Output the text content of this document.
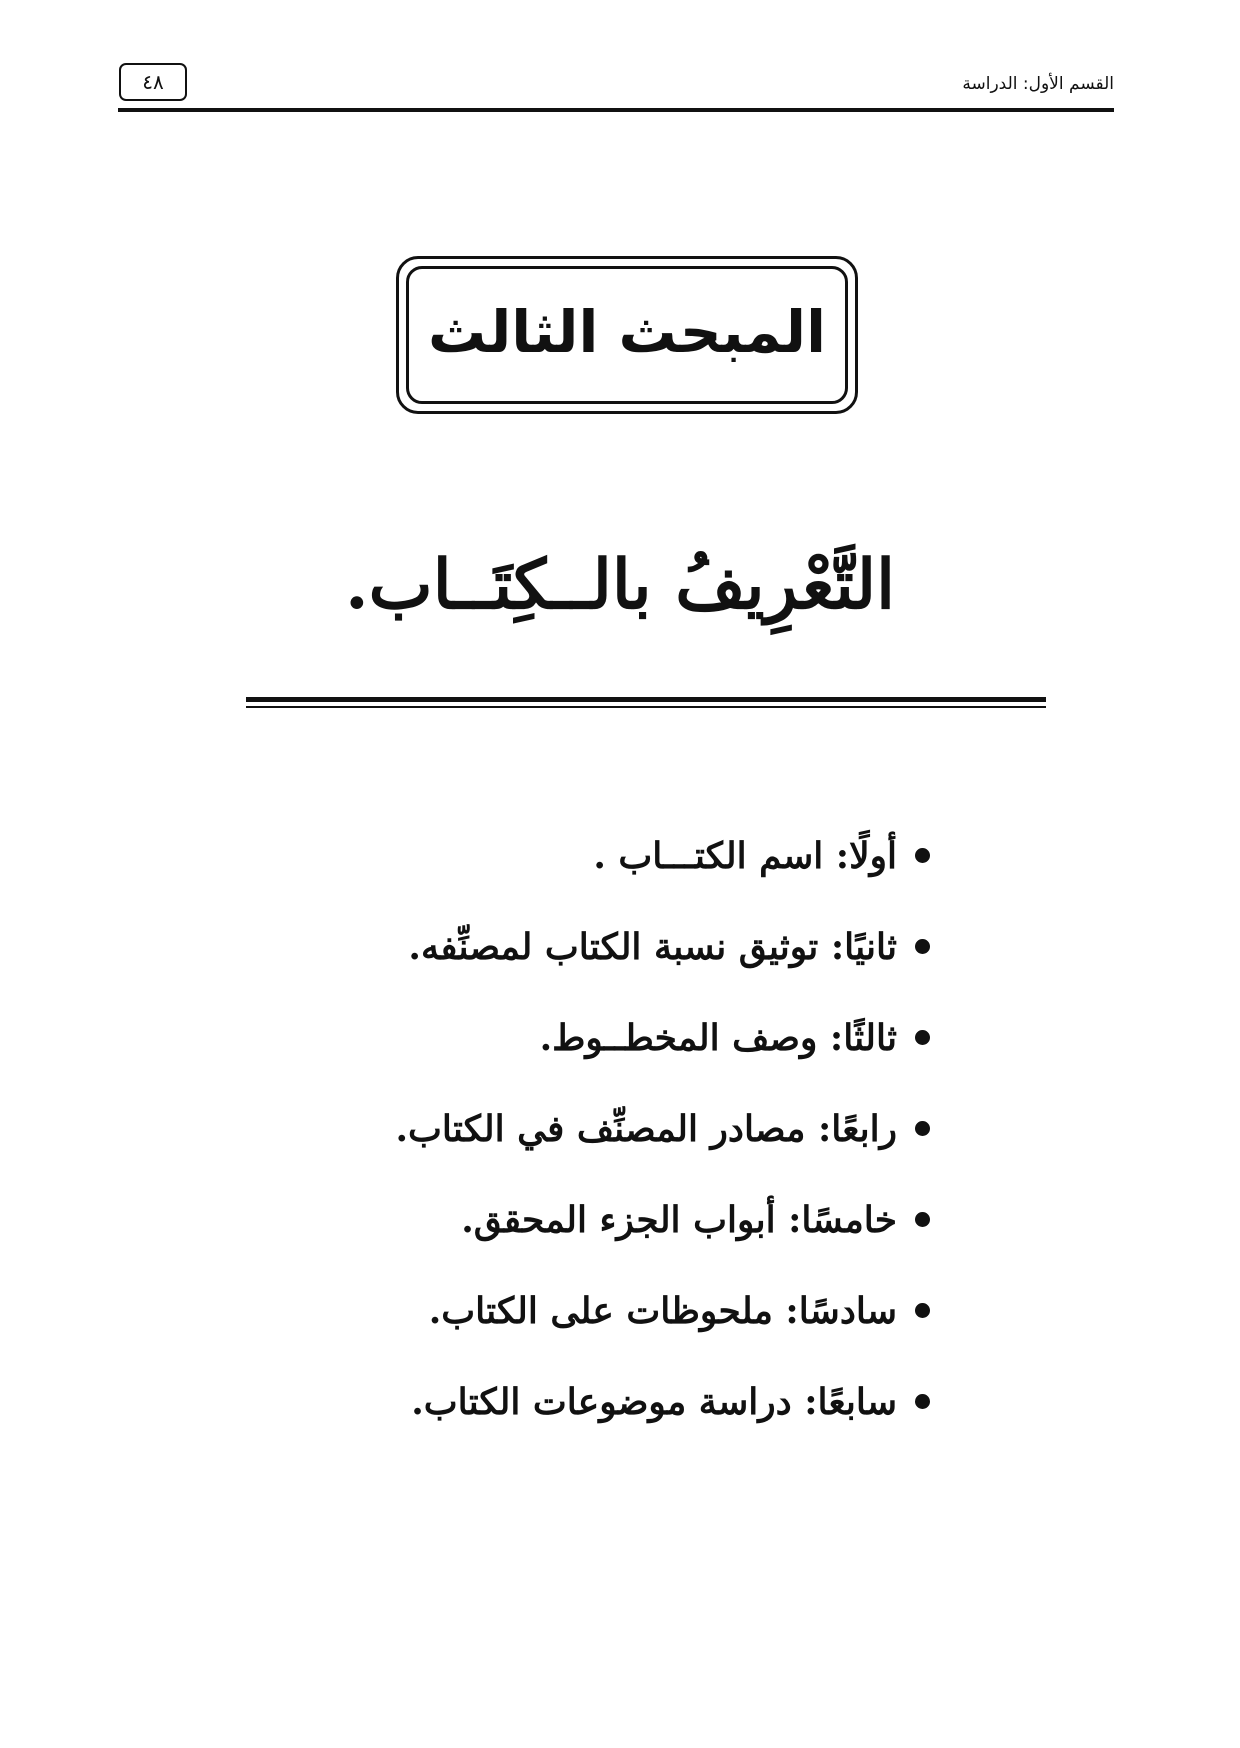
القسم الأول: الدراسة
٤٨
المبحث الثالث
التَّعْرِيفُ بالــكِتَــاب.
أولًا: اسم الكتـــاب .
ثانيًا: توثيق نسبة الكتاب لمصنِّفه.
ثالثًا: وصف المخطــوط.
رابعًا: مصادر المصنِّف في الكتاب.
خامسًا: أبواب الجزء المحقق.
سادسًا: ملحوظات على الكتاب.
سابعًا: دراسة موضوعات الكتاب.
